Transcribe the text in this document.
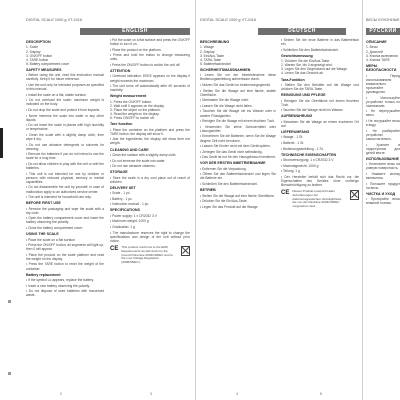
DIGITAL SCALE 1000 g VT-2416	DIGITAL SCALE 1000 g VT-2416	ВЕСЫ КУХОННЫЕ
ENGLISH	DEUTSCH	РУССКИЙ
DESCRIPTION
1. Scale
2. Display
3. ON/OFF button
4. TARE button
5. Battery compartment cover
SAFETY MEASURES
• Before using the unit, read this instruction manual carefully. Keep it for future reference.
• Use the unit only for intended purposes as specified in this manual.
• Install the scale on a flat, stable surface.
• Do not overload the scale; maximum weight is indicated on the body.
• Do not drop the scale and protect it from impacts.
• Never immerse the scale into water or any other liquids.
• Do not leave the scale in places with high humidity or temperature.
• Clean the scale with a slightly damp cloth, then wipe it dry.
• Do not use abrasive detergents or solvents for cleaning.
• Remove the batteries if you do not intend to use the scale for a long time.
• Do not allow children to play with the unit or with the batteries.
• This unit is not intended for use by children or persons with reduced physical, sensory or mental capabilities.
• Do not disassemble the unit by yourself; in case of malfunction apply to an authorized service center.
• The unit is intended for household use only.
BEFORE FIRST USE
• Remove the packaging and wipe the scale with a dry cloth.
• Open the battery compartment cover and insert the battery observing the polarity.
• Close the battery compartment cover.
USING THE SCALE
• Place the scale on a flat surface.
• Press the ON/OFF button; all segments will light up, then 0 will appear.
• Place the product on the scale platform and read the weight on the display.
• Press the TARE button to reset the weight of the container.
Battery replacement
• If the symbol Lo appears, replace the battery.
• Insert a new battery observing the polarity.
• Do not dispose of used batteries with household waste.
• Put the scale on a flat surface and press the ON/OFF button to turn it on.
• Place the product on the platform.
• Press and hold the button to change measuring units.
• Press the ON/OFF button to switch the unit off.
ATTENTION
• Overload indication: EEEE appears on the display if weight exceeds the maximum.
• The unit turns off automatically after 60 seconds of inactivity.
Weight measurement
1. Press the ON/OFF button.
2. Wait until 0 appears on the display.
3. Place the object on the platform.
4. Read the weight on the display.
5. Press ON/OFF to switch off.
Tare function
• Place the container on the platform and press the TARE button; the display will show 0.
• Add the ingredients; the display will show their net weight.
CLEANING AND CARE
• Clean the surface with a slightly damp cloth.
• Do not immerse the scale into water.
• Do not use abrasive cleaners.
STORAGE
• Store the scale in a dry cool place out of reach of children.
DELIVERY SET
• Scale - 1 pc.
• Battery - 1 pc.
• Instruction manual - 1 pc.
SPECIFICATIONS
• Power supply: 1 x CR2032 3 V
• Maximum weight: 1000 g
• Graduation: 1 g
• The manufacturer reserves the right to change the specifications and design of the unit without prior notice.
CE This product conforms to the EMC Requirements as laid down by the Council Directive 2004/108/EC and to the Low Voltage Regulation (2006/95/EC).
BESCHREIBUNG
1. Waage
2. Display
3. Ein/Aus-Taste
4. TARA-Taste
5. Batteriefachdeckel
SICHERHEITSMASSNAHMEN
• Lesen Sie vor der Inbetriebnahme diese Bedienungsanleitung aufmerksam durch.
• Nutzen Sie das Gerät nur bestimmungsgemäß.
• Stellen Sie die Waage auf eine flache, stabile Oberfläche.
• Überlasten Sie die Waage nicht.
• Lassen Sie die Waage nicht fallen.
• Tauchen Sie die Waage nie ins Wasser oder in andere Flüssigkeiten.
• Reinigen Sie die Waage mit einem feuchten Tuch.
• Verwenden Sie keine Scheuermittel oder Lösungsmittel.
• Entnehmen Sie die Batterien, wenn Sie die Waage längere Zeit nicht benutzen.
• Lassen Sie Kinder nicht mit dem Gerät spielen.
• Zerlegen Sie das Gerät nicht selbständig.
• Das Gerät ist nur für den Hausgebrauch bestimmt.
VOR DER ERSTEN INBETRIEBNAHME
• Entfernen Sie die Verpackung.
• Öffnen Sie den Batteriefachdeckel und legen Sie die Batterie ein.
• Schließen Sie den Batteriefachdeckel.
BETRIEB
• Stellen Sie die Waage auf eine flache Oberfläche.
• Drücken Sie die Ein/Aus-Taste.
• Legen Sie das Produkt auf die Waage.
• Setzen Sie die neue Batterie in das Batteriefach ein.
• Schließen Sie den Batteriefachdeckel.
Gewichtsmessung
1. Drücken Sie die Ein/Aus-Taste.
2. Warten Sie, bis 0 angezeigt wird.
3. Legen Sie den Gegenstand auf die Waage.
4. Lesen Sie das Gewicht ab.
Tara-Funktion
• Stellen Sie den Behälter auf die Waage und drücken Sie die TARA-Taste.
REINIGUNG UND PFLEGE
• Reinigen Sie die Oberfläche mit einem feuchten Tuch.
• Tauchen Sie die Waage nicht ins Wasser.
AUFBEWAHRUNG
• Bewahren Sie die Waage an einem trockenen Ort auf.
LIEFERUMFANG
• Waage - 1 St.
• Batterie - 1 St.
• Bedienungsanleitung - 1 St.
TECHNISCHE EIGENSCHAFTEN
• Stromversorgung: 1 x CR2032 3 V
• Maximalgewicht: 1000 g
• Teilung: 1 g
• Der Hersteller behält sich das Recht vor, die Eigenschaften des Gerätes ohne vorherige Benachrichtigung zu ändern.
CE Dieses Produkt entspricht allen Anforderungen der elektromagnetischen Verträglichkeit, die von der Direktive 2004/108/EC vorgesehen sind.
ОПИСАНИЕ
1. Весы
2. Дисплей
3. Кнопка включения
4. Кнопка TARE
МЕРЫ БЕЗОПАСНОСТИ
• Перед использованием внимательно прочитайте руководство.
• Используйте устройство только по назначению.
• Не перегружайте весы.
• Не погружайте весы в воду.
• Не разбирайте устройство самостоятельно.
• Храните в недоступном для детей месте.
ИСПОЛЬЗОВАНИЕ
• Установите весы на ровную поверхность.
• Нажмите кнопку включения.
• Положите продукт на весы.
ЧИСТКА И УХОД
• Протирайте весы влажной тканью.
2	3	4	5
